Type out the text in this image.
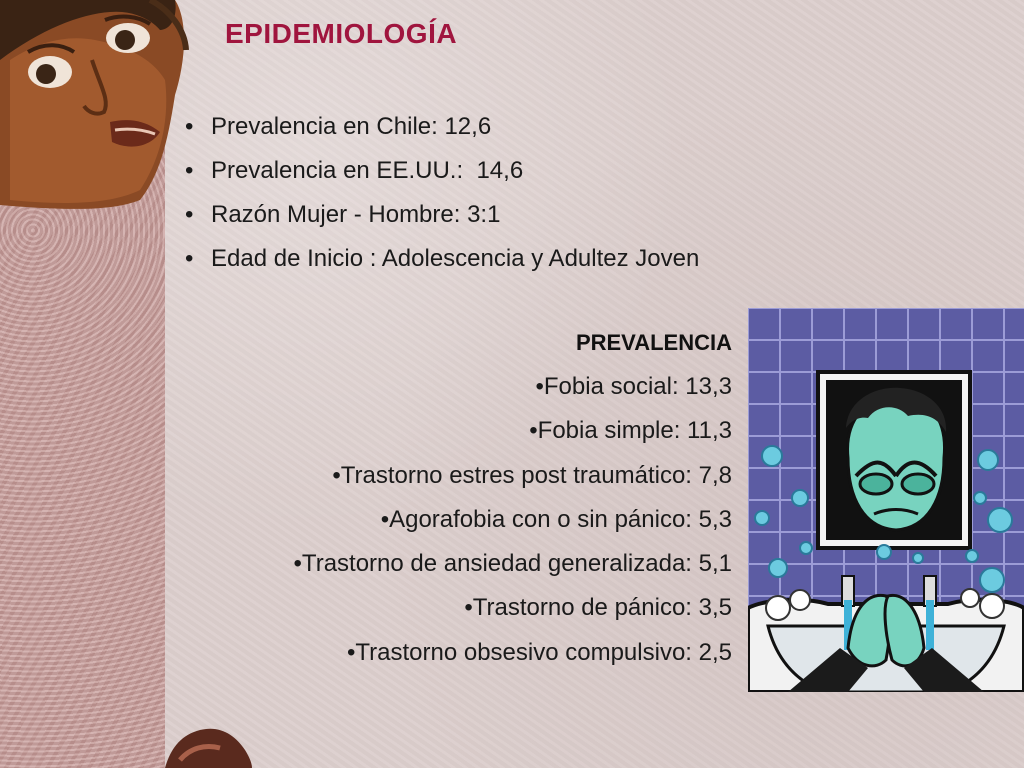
EPIDEMIOLOGÍA
• Prevalencia en Chile: 12,6
• Prevalencia en EE.UU.:  14,6
• Razón Mujer - Hombre: 3:1
• Edad de Inicio : Adolescencia y Adultez Joven
PREVALENCIA
•Fobia social: 13,3
•Fobia simple: 11,3
•Trastorno estres post traumático: 7,8
•Agorafobia con o sin pánico: 5,3
•Trastorno de ansiedad generalizada: 5,1
•Trastorno de pánico: 3,5
•Trastorno obsesivo compulsivo: 2,5
